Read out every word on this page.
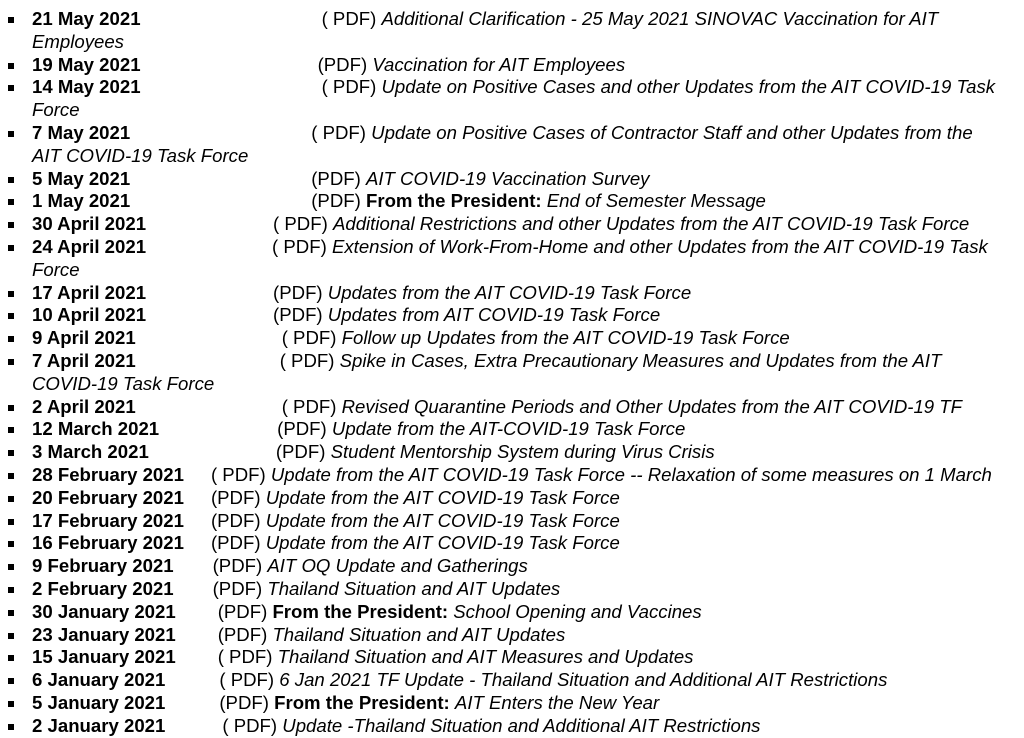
21 May 2021	( PDF) Additional Clarification - 25 May 2021 SINOVAC Vaccination for AIT Employees
19 May 2021	(PDF) Vaccination for AIT Employees
14 May 2021	( PDF) Update on Positive Cases and other Updates from the AIT COVID-19 Task Force
7 May 2021	( PDF) Update on Positive Cases of Contractor Staff and other Updates from the AIT COVID-19 Task Force
5 May 2021	(PDF) AIT COVID-19 Vaccination Survey
1 May 2021	(PDF) From the President: End of Semester Message
30 April 2021	( PDF) Additional Restrictions and other Updates from the AIT COVID-19 Task Force
24 April 2021	( PDF) Extension of Work-From-Home and other Updates from the AIT COVID-19 Task Force
17 April 2021	(PDF) Updates from the AIT COVID-19 Task Force
10 April 2021	(PDF) Updates from AIT COVID-19 Task Force
9 April 2021	( PDF) Follow up Updates from the AIT COVID-19 Task Force
7 April 2021	( PDF) Spike in Cases, Extra Precautionary Measures and Updates from the AIT COVID-19 Task Force
2 April 2021	( PDF) Revised Quarantine Periods and Other Updates from the AIT COVID-19 TF
12 March 2021	(PDF) Update from the AIT-COVID-19 Task Force
3 March 2021	(PDF) Student Mentorship System during Virus Crisis
28 February 2021 ( PDF) Update from the AIT COVID-19 Task Force -- Relaxation of some measures on 1 March
20 February 2021 (PDF) Update from the AIT COVID-19 Task Force
17 February 2021 (PDF) Update from the AIT COVID-19 Task Force
16 February 2021 (PDF) Update from the AIT COVID-19 Task Force
9 February 2021 (PDF) AIT OQ Update and Gatherings
2 February 2021 (PDF) Thailand Situation and AIT Updates
30 January 2021 (PDF) From the President: School Opening and Vaccines
23 January 2021 (PDF) Thailand Situation and AIT Updates
15 January 2021 ( PDF) Thailand Situation and AIT Measures and Updates
6 January 2021	( PDF) 6 Jan 2021 TF Update - Thailand Situation and Additional AIT Restrictions
5 January 2021	(PDF) From the President: AIT Enters the New Year
2 January 2021	( PDF) Update -Thailand Situation and Additional AIT Restrictions
